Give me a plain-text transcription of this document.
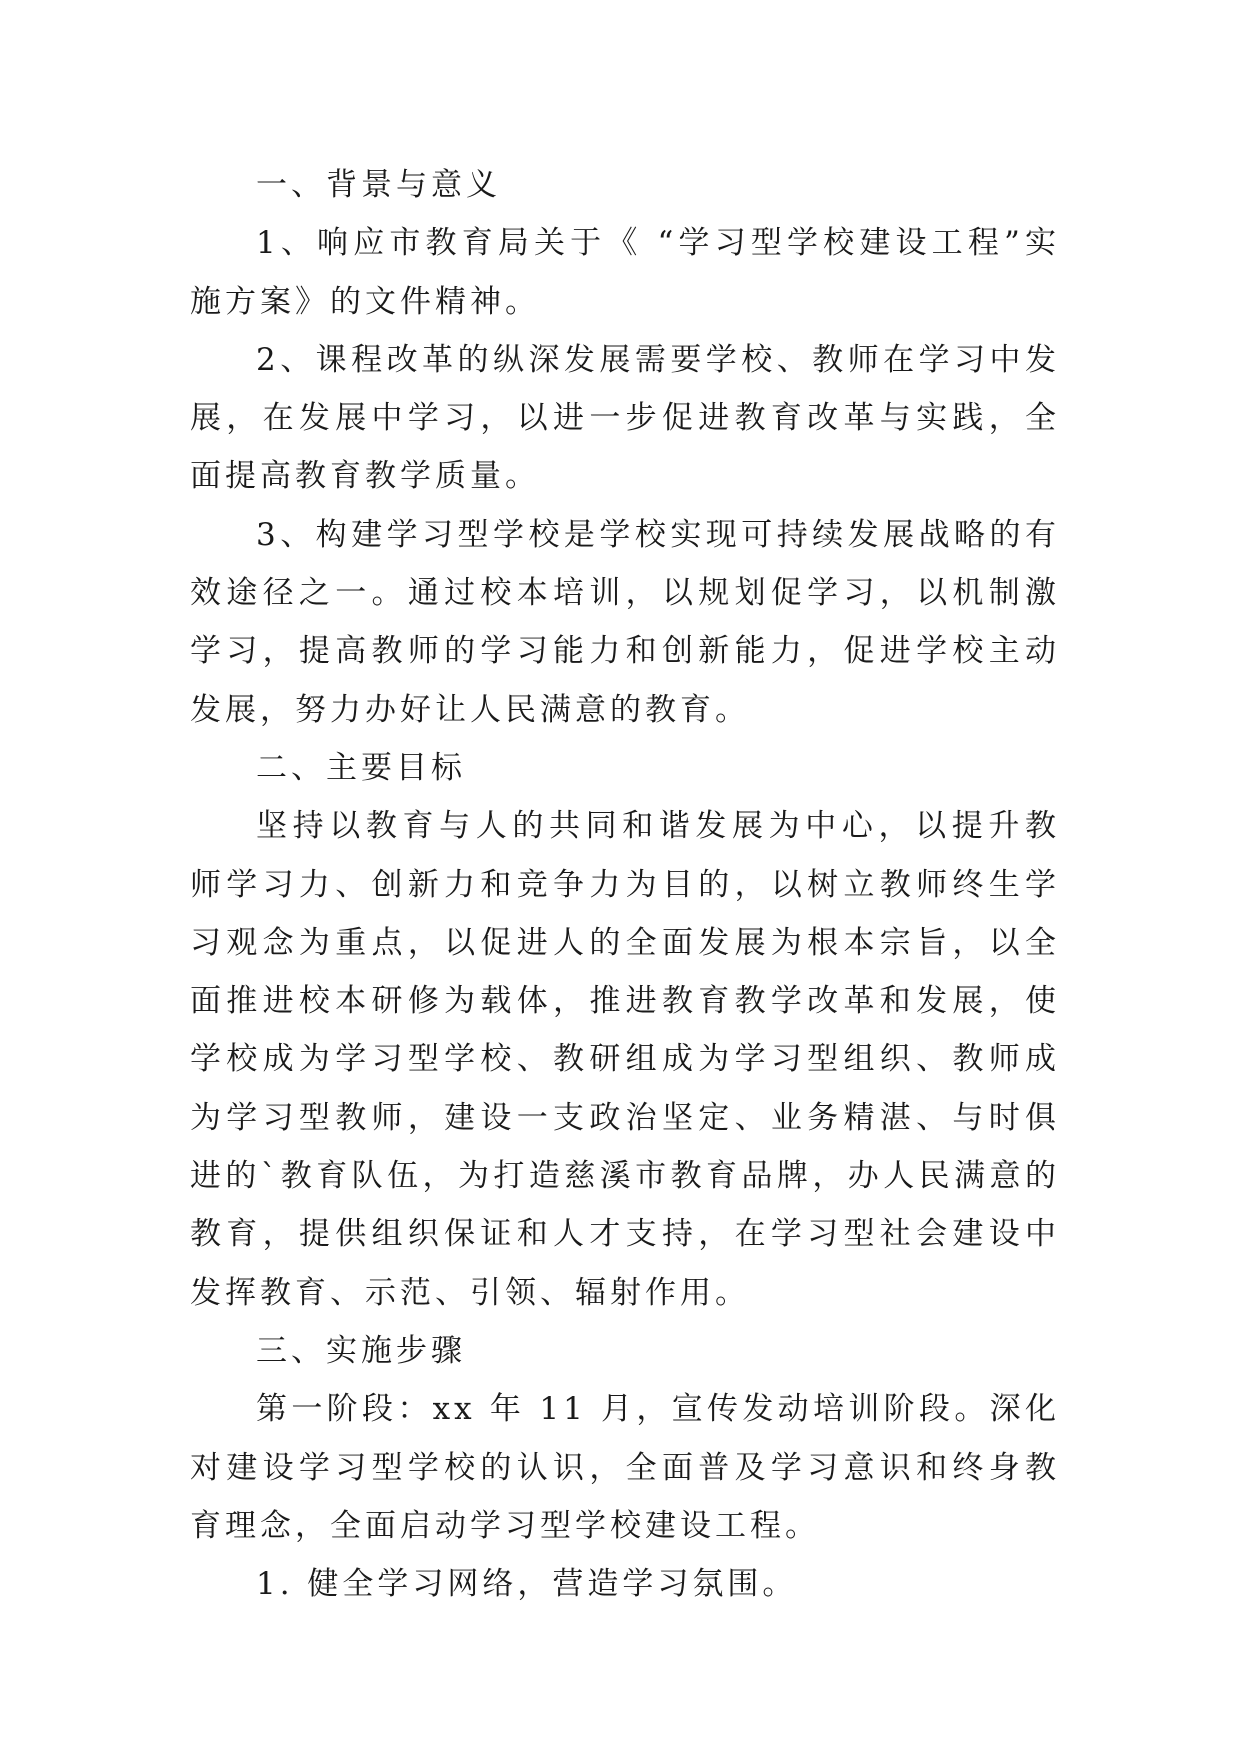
一、背景与意义

1、响应市教育局关于《 “学习型学校建设工程”实施方案》的文件精神。

2、课程改革的纵深发展需要学校、教师在学习中发展，在发展中学习，以进一步促进教育改革与实践，全面提高教育教学质量。

3、构建学习型学校是学校实现可持续发展战略的有效途径之一。通过校本培训，以规划促学习，以机制激学习，提高教师的学习能力和创新能力，促进学校主动发展，努力办好让人民满意的教育。

二、主要目标

坚持以教育与人的共同和谐发展为中心，以提升教师学习力、创新力和竞争力为目的，以树立教师终生学习观念为重点，以促进人的全面发展为根本宗旨，以全面推进校本研修为载体，推进教育教学改革和发展，使学校成为学习型学校、教研组成为学习型组织、教师成为学习型教师，建设一支政治坚定、业务精湛、与时俱进的`教育队伍，为打造慈溪市教育品牌，办人民满意的教育，提供组织保证和人才支持，在学习型社会建设中发挥教育、示范、引领、辐射作用。

三、实施步骤

第一阶段：xx 年 11 月，宣传发动培训阶段。深化对建设学习型学校的认识，全面普及学习意识和终身教育理念，全面启动学习型学校建设工程。

1. 健全学习网络，营造学习氛围。
